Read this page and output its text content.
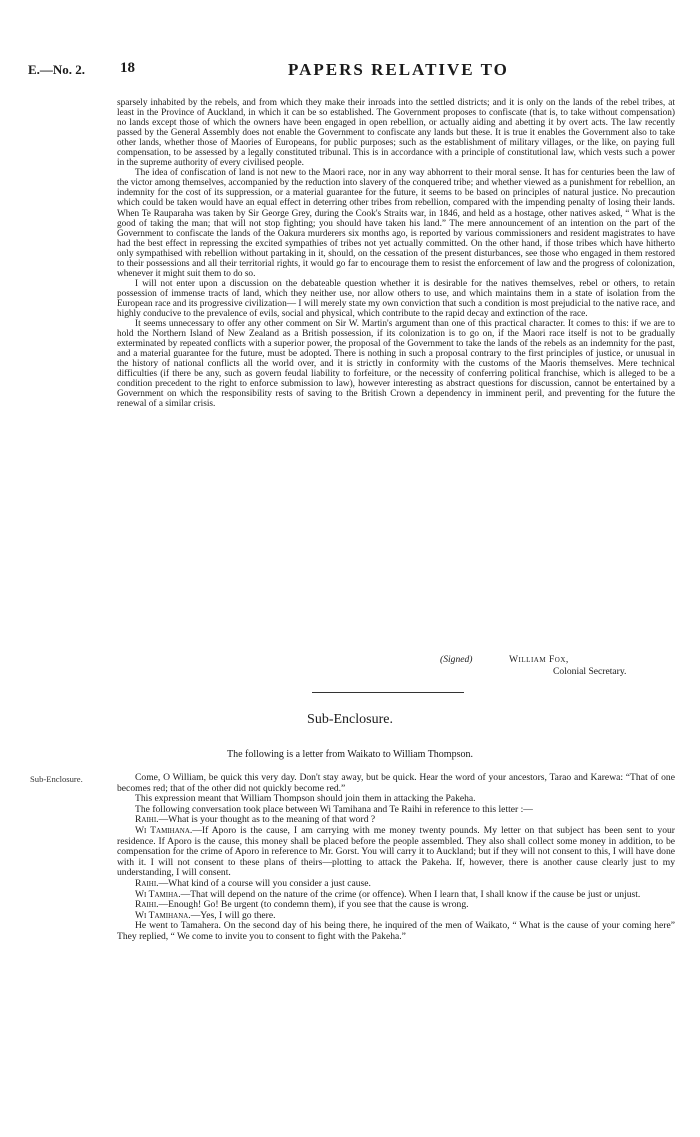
E.—No. 2. 18	PAPERS RELATIVE TO

sparsely inhabited by the rebels, and from which they make their inroads into the settled districts; and it is only on the lands of the rebel tribes, at least in the Province of Auckland, in which it can be so established. The Government proposes to confiscate (that is, to take without compensation) no lands except those of which the owners have been engaged in open rebellion, or actually aiding and abetting it by overt acts. The law recently passed by the General Assembly does not enable the Government to confiscate any lands but these. It is true it enables the Government also to take other lands, whether those of Maories of Europeans, for public purposes; such as the establishment of military villages, or the like, on paying full compensation, to be assessed by a legally constituted tribunal. This is in accordance with a principle of constitutional law, which vests such a power in the supreme authority of every civilised people.

The idea of confiscation of land is not new to the Maori race, nor in any way abhorrent to their moral sense. It has for centuries been the law of the victor among themselves, accompanied by the reduction into slavery of the conquered tribe; and whether viewed as a punishment for rebellion, an indemnity for the cost of its suppression, or a material guarantee for the future, it seems to be based on principles of natural justice. No precaution which could be taken would have an equal effect in deterring other tribes from rebellion, compared with the impending penalty of losing their lands. When Te Rauparaha was taken by Sir George Grey, during the Cook's Straits war, in 1846, and held as a hostage, other natives asked, “ What is the good of taking the man; that will not stop fighting; you should have taken his land.” The mere announcement of an intention on the part of the Government to confiscate the lands of the Oakura murderers six months ago, is reported by various commissioners and resident magistrates to have had the best effect in repressing the excited sympathies of tribes not yet actually committed. On the other hand, if those tribes which have hitherto only sympathised with rebellion without partaking in it, should, on the cessation of the present disturbances, see those who engaged in them restored to their possessions and all their territorial rights, it would go far to encourage them to resist the enforcement of law and the progress of colonization, whenever it might suit them to do so.

I will not enter upon a discussion on the debateable question whether it is desirable for the natives themselves, rebel or others, to retain possession of immense tracts of land, which they neither use, nor allow others to use, and which maintains them in a state of isolation from the European race and its progressive civilization— I will merely state my own conviction that such a condition is most prejudicial to the native race, and highly conducive to the prevalence of evils, social and physical, which contribute to the rapid decay and extinction of the race.

It seems unnecessary to offer any other comment on Sir W. Martin's argument than one of this practical character. It comes to this: if we are to hold the Northern Island of New Zealand as a British possession, if its colonization is to go on, if the Maori race itself is not to be gradually exterminated by repeated conflicts with a superior power, the proposal of the Government to take the lands of the rebels as an indemnity for the past, and a material guarantee for the future, must be adopted. There is nothing in such a proposal contrary to the first principles of justice, or unusual in the history of national conflicts all the world over, and it is strictly in conformity with the customs of the Maoris themselves. Mere technical difficulties (if there be any, such as govern feudal liability to forfeiture, or the necessity of conferring political franchise, which is alleged to be a condition precedent to the right to enforce submission to law), however interesting as abstract questions for discussion, cannot be entertained by a Government on which the responsibility rests of saving to the British Crown a dependency in imminent peril, and preventing for the future the renewal of a similar crisis.

(Signed)	William Fox,
Colonial Secretary.
Sub-Enclosure.
The following is a letter from Waikato to William Thompson.
Sub-Enclosure.	Come, O William, be quick this very day. Don't stay away, but be quick. Hear the word of your ancestors, Tarao and Karewa: “That of one becomes red; that of the other did not quickly become red.”

This expression meant that William Thompson should join them in attacking the Pakeha.

The following conversation took place between Wi Tamihana and Te Raihi in reference to this letter :—

Raihi.—What is your thought as to the meaning of that word ?

Wi Tamihana.—If Aporo is the cause, I am carrying with me money twenty pounds. My letter on that subject has been sent to your residence. If Aporo is the cause, this money shall be placed before the people assembled. They also shall collect some money in addition, to be compensation for the crime of Aporo in reference to Mr. Gorst. You will carry it to Auckland; but if they will not consent to this, I will have done with it. I will not consent to these plans of theirs—plotting to attack the Pakeha. If, however, there is another cause clearly just to my understanding, I will consent.

Raihi.—What kind of a course will you consider a just cause.

Wi Tamiha.—That will depend on the nature of the crime (or offence). When I learn that, I shall know if the cause be just or unjust.

Raihi.—Enough! Go! Be urgent (to condemn them), if you see that the cause is wrong.

Wi Tamihana.—Yes, I will go there.

He went to Tamahera. On the second day of his being there, he inquired of the men of Waikato, “ What is the cause of your coming here” They replied, “ We come to invite you to consent to fight with the Pakeha.”
